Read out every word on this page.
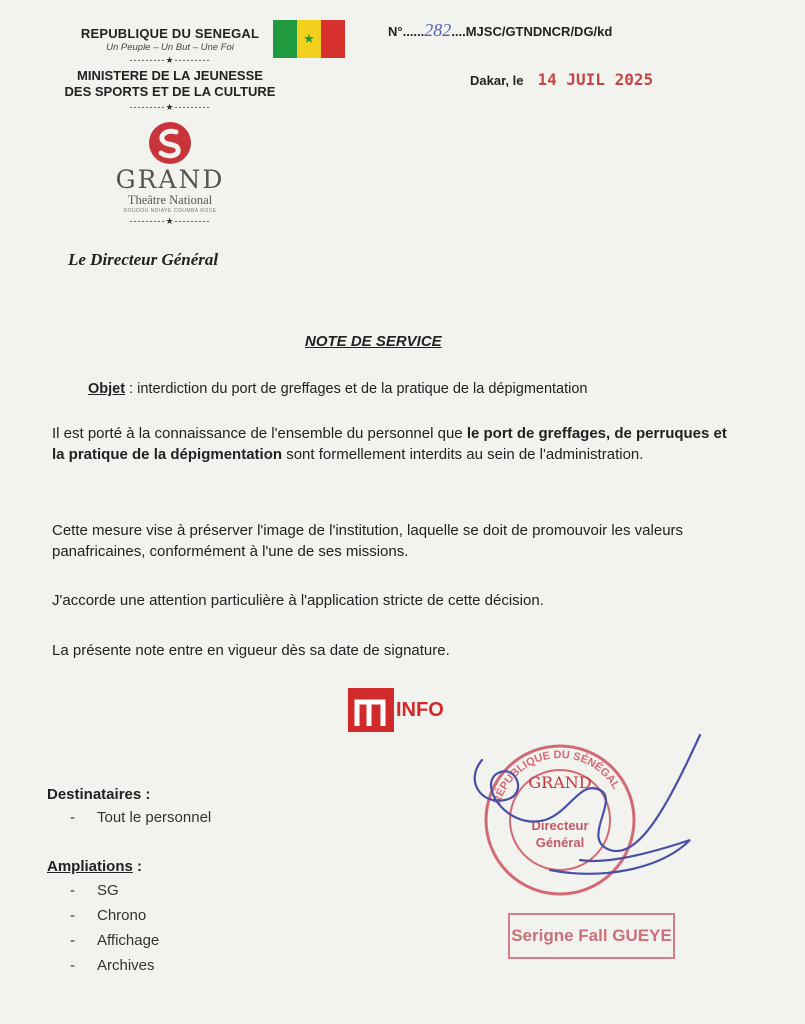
REPUBLIQUE DU SENEGAL
Un Peuple – Un But – Une Foi
---------★---------
MINISTERE DE LA JEUNESSE
DES SPORTS ET DE LA CULTURE
---------★---------
GRAND
Theâtre National
DOUDOU NDIAYE COUMBA ROSE
---------★---------
Le Directeur Général
★	N°......282....MJSC/GTNDNCR/DG/kd
Dakar, le 14 JUIL 2025
NOTE DE SERVICE
Objet : interdiction du port de greffages et de la pratique de la dépigmentation
Il est porté à la connaissance de l'ensemble du personnel que le port de greffages, de perruques et la pratique de la dépigmentation sont formellement interdits au sein de l'administration.
Cette mesure vise à préserver l'image de l'institution, laquelle se doit de promouvoir les valeurs panafricaines, conformément à l'une de ses missions.
J'accorde une attention particulière à l'application stricte de cette décision.
La présente note entre en vigueur dès sa date de signature.
INFO
Destinataires :
- Tout le personnel
Ampliations :
- SG
- Chrono
- Affichage
- Archives
RÉPUBLIQUE DU SÉNÉGAL
GRAND
Directeur
Général
Serigne Fall GUEYE
